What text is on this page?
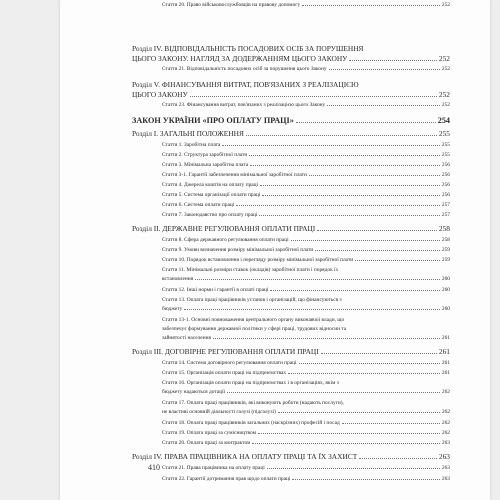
Стаття 20. Право військовослужбовців на правову допомогу	252
Розділ IV. ВІДПОВІДАЛЬНІСТЬ ПОСАДОВИХ ОСІБ ЗА ПОРУШЕННЯ
ЦЬОГО ЗАКОНУ. НАГЛЯД ЗА ДОДЕРЖАННЯМ ЦЬОГО ЗАКОНУ	252
Стаття 21. Відповідальність посадових осіб за порушення цього Закону	252
Розділ V. ФІНАНСУВАННЯ ВИТРАТ, ПОВ'ЯЗАНИХ З РЕАЛІЗАЦІЄЮ
ЦЬОГО ЗАКОНУ	252
Стаття 23. Фінансування витрат, пов'язаних з реалізацією цього Закону	252
ЗАКОН УКРАЇНИ «ПРО ОПЛАТУ ПРАЦІ»	254
Розділ I. ЗАГАЛЬНІ ПОЛОЖЕННЯ	255
Стаття 1. Заробітна плата	255
Стаття 2. Структура заробітної плати	255
Стаття 3. Мінімальна заробітна плата	256
Стаття 3-1. Гарантії забезпечення мінімальної заробітної плати	256
Стаття 4. Джерела коштів на оплату праці	256
Стаття 5. Система організації оплати праці	256
Стаття 6. Система оплати праці	257
Стаття 7. Законодавство про оплату праці	257
Розділ II. ДЕРЖАВНЕ РЕГУЛЮВАННЯ ОПЛАТИ ПРАЦІ	258
Стаття 8. Сфера державного регулювання оплати праці	258
Стаття 9. Умови визначення розміру мінімальної заробітної плати	259
Стаття 10. Порядок встановлення і перегляду розміру мінімальної заробітної плати	259
Стаття 11. Мінімальні розміри ставок (окладів) заробітної плати і порядок їх
встановлення	260
Стаття 12. Інші норми і гарантії в оплаті праці	260
Стаття 13. Оплата праці працівників установ і організацій, що фінансуються з
бюджету	260
Стаття 13-1. Основні повноваження центрального органу виконавчої влади, що
забезпечує формування державної політики у сфері праці, трудових відносин та
зайнятості населення	261
Розділ III. ДОГОВІРНЕ РЕГУЛЮВАННЯ ОПЛАТИ ПРАЦІ	261
Стаття 14. Система договірного регулювання оплати праці	261
Стаття 15. Організація оплати праці на підприємствах	261
Стаття 16. Організація оплати праці на підприємствах і в організаціях, якім з
бюджету надаються дотації	262
Стаття 17. Оплата праці працівників, які виконують роботи (надають послуги),
не властиві основній діяльності галузі (підгалузі)	262
Стаття 18. Оплата праці працівників загальних (наскрізних) професій і посад	262
Стаття 19. Оплата праці за сумісництвом	262
Стаття 20. Оплата праці за контрактом	263
Розділ IV. ПРАВА ПРАЦІВНИКА НА ОПЛАТУ ПРАЦІ ТА ЇХ ЗАХИСТ	263
Стаття 21. Права працівника на оплату праці	263
Стаття 22. Гарантії дотримання прав щодо оплати праці	263
410
